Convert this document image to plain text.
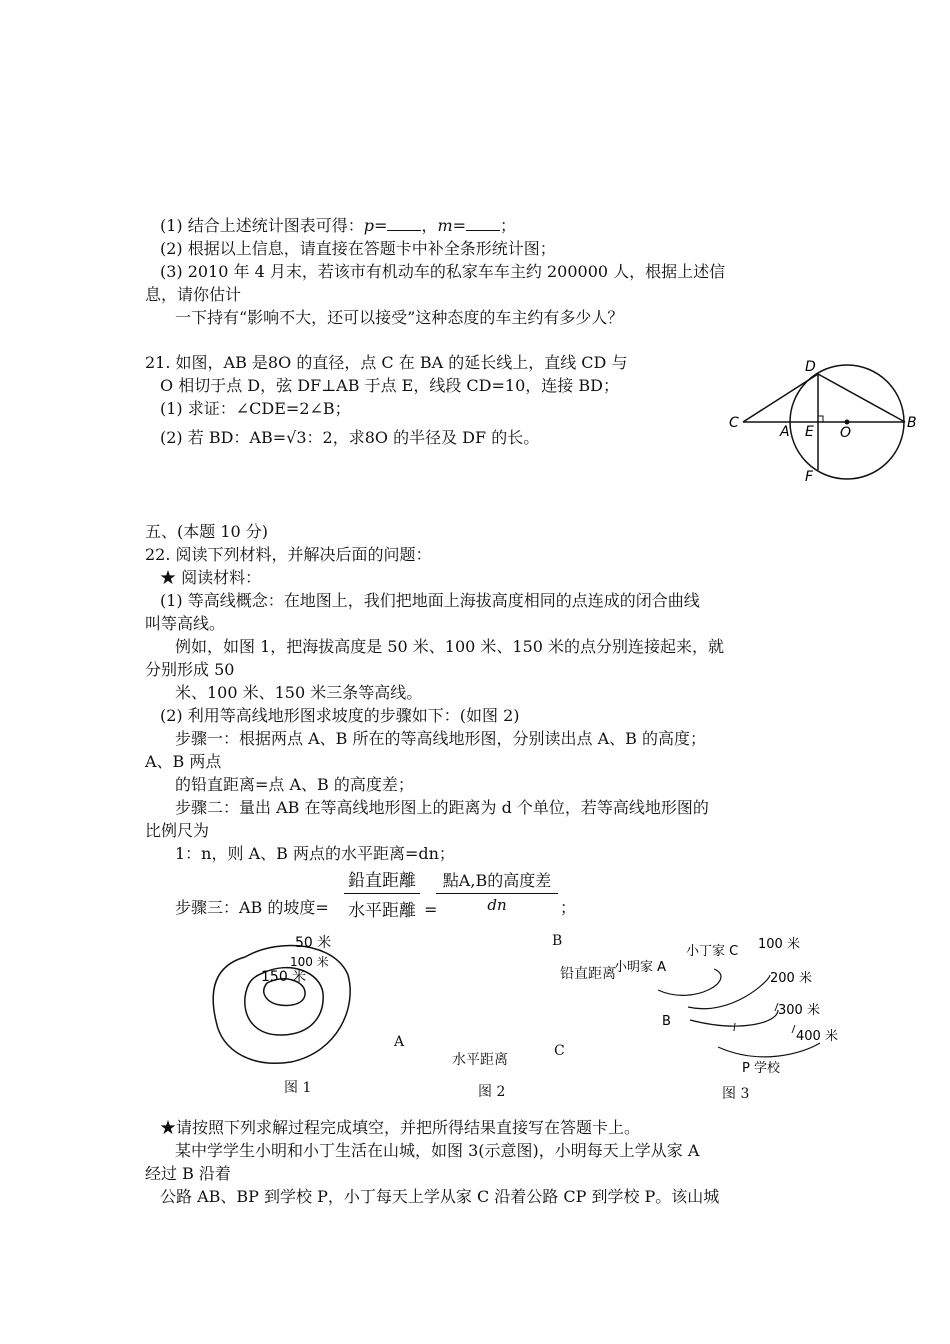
(1) 结合上述统计图表可得：p= ，m= ；
(2) 根据以上信息，请直接在答题卡中补全条形统计图；
(3) 2010 年 4 月末，若该市有机动车的私家车车主约 200000 人，根据上述信
息，请你估计
一下持有“影响不大，还可以接受”这种态度的车主约有多少人？
21. 如图，AB 是8O 的直径，点 C 在 BA 的延长线上，直线 CD 与
O 相切于点 D，弦 DF⊥AB 于点 E，线段 CD=10，连接 BD；
(1) 求证：∠CDE=2∠B；
(2) 若 BD：AB=√3：2，求8O 的半径及 DF 的长。
D
C
A E O
B
F
五、(本题 10 分)
22. 阅读下列材料，并解决后面的问题：
★ 阅读材料：
(1) 等高线概念：在地图上，我们把地面上海拔高度相同的点连成的闭合曲线
叫等高线。
例如，如图 1，把海拔高度是 50 米、100 米、150 米的点分别连接起来，就
分别形成 50
米、100 米、150 米三条等高线。
(2) 利用等高线地形图求坡度的步骤如下：(如图 2)
步骤一：根据两点 A、B 所在的等高线地形图，分别读出点 A、B 的高度；
A、B 两点
的铅直距离=点 A、B 的高度差；
步骤二：量出 AB 在等高线地形图上的距离为 d 个单位，若等高线地形图的
比例尺为
1：n，则 A、B 两点的水平距离=dn；
步骤三：AB 的坡度=
鉛直距離
水平距離 =
點A,B的高度差
dn	；
50 米
100 米
150 米
图 1
B
铅直距离
A
水平距离
C
图 2
小丁家 C
小明家 A
100 米
200 米
300 米
400 米
B
P 学校
图 3
★请按照下列求解过程完成填空，并把所得结果直接写在答题卡上。
某中学学生小明和小丁生活在山城，如图 3(示意图)，小明每天上学从家 A
经过 B 沿着
公路 AB、BP 到学校 P，小丁每天上学从家 C 沿着公路 CP 到学校 P。该山城
